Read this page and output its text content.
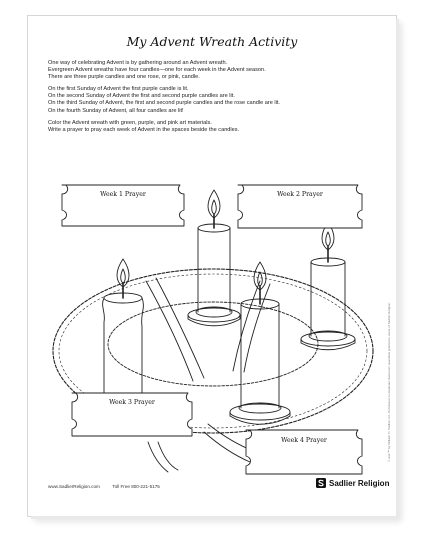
My Advent Wreath Activity

One way of celebrating Advent is by gathering around an Advent wreath.
Evergreen Advent wreaths have four candles—one for each week in the Advent season.
There are three purple candles and one rose, or pink, candle.

On the first Sunday of Advent the first purple candle is lit.
On the second Sunday of Advent the first and second purple candles are lit.
On the third Sunday of Advent, the first and second purple candles and the rose candle are lit.
On the fourth Sunday of Advent, all four candles are lit!

Color the Advent wreath with green, purple, and pink art materials.
Write a prayer to pray each week of Advent in the spaces beside the candles.

Week 1 Prayer	Week 2 Prayer
Week 3 Prayer
Week 4 Prayer	© and ™ by William H. Sadlier, Inc. Permission to duplicate classroom quantities granted to users of Sadlier Religion.
www.SadlierReligion.com	Toll Free 800-221-5175	Sadlier Religion
